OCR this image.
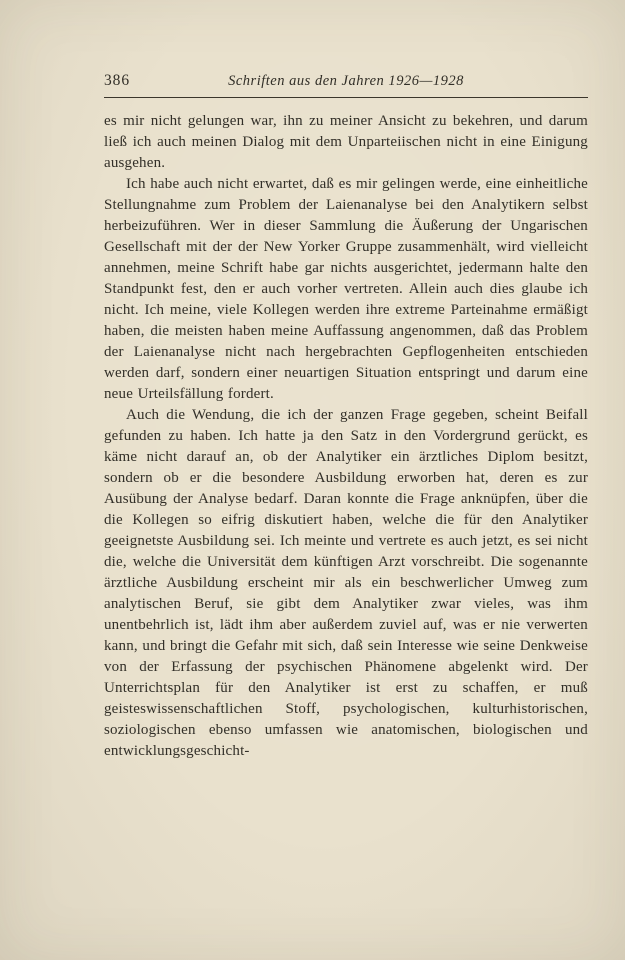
386	Schriften aus den Jahren 1926—1928

es mir nicht gelungen war, ihn zu meiner Ansicht zu bekehren, und darum ließ ich auch meinen Dialog mit dem Unparteiischen nicht in eine Einigung ausgehen.

Ich habe auch nicht erwartet, daß es mir gelingen werde, eine einheitliche Stellungnahme zum Problem der Laienanalyse bei den Analytikern selbst herbeizuführen. Wer in dieser Sammlung die Äußerung der Ungarischen Gesellschaft mit der der New Yorker Gruppe zusammenhält, wird vielleicht annehmen, meine Schrift habe gar nichts ausgerichtet, jedermann halte den Standpunkt fest, den er auch vorher vertreten. Allein auch dies glaube ich nicht. Ich meine, viele Kollegen werden ihre extreme Parteinahme ermäßigt haben, die meisten haben meine Auffassung angenommen, daß das Problem der Laienanalyse nicht nach hergebrachten Gepflogenheiten entschieden werden darf, sondern einer neuartigen Situation entspringt und darum eine neue Urteilsfällung fordert.

Auch die Wendung, die ich der ganzen Frage gegeben, scheint Beifall gefunden zu haben. Ich hatte ja den Satz in den Vordergrund gerückt, es käme nicht darauf an, ob der Analytiker ein ärztliches Diplom besitzt, sondern ob er die besondere Ausbildung erworben hat, deren es zur Ausübung der Analyse bedarf. Daran konnte die Frage anknüpfen, über die die Kollegen so eifrig diskutiert haben, welche die für den Analytiker geeignetste Ausbildung sei. Ich meinte und vertrete es auch jetzt, es sei nicht die, welche die Universität dem künftigen Arzt vorschreibt. Die sogenannte ärztliche Ausbildung erscheint mir als ein beschwerlicher Umweg zum analytischen Beruf, sie gibt dem Analytiker zwar vieles, was ihm unentbehrlich ist, lädt ihm aber außerdem zuviel auf, was er nie verwerten kann, und bringt die Gefahr mit sich, daß sein Interesse wie seine Denkweise von der Erfassung der psychischen Phänomene abgelenkt wird. Der Unterrichtsplan für den Analytiker ist erst zu schaffen, er muß geisteswissenschaftlichen Stoff, psychologischen, kulturhistorischen, soziologischen ebenso umfassen wie anatomischen, biologischen und entwicklungsgeschicht-
